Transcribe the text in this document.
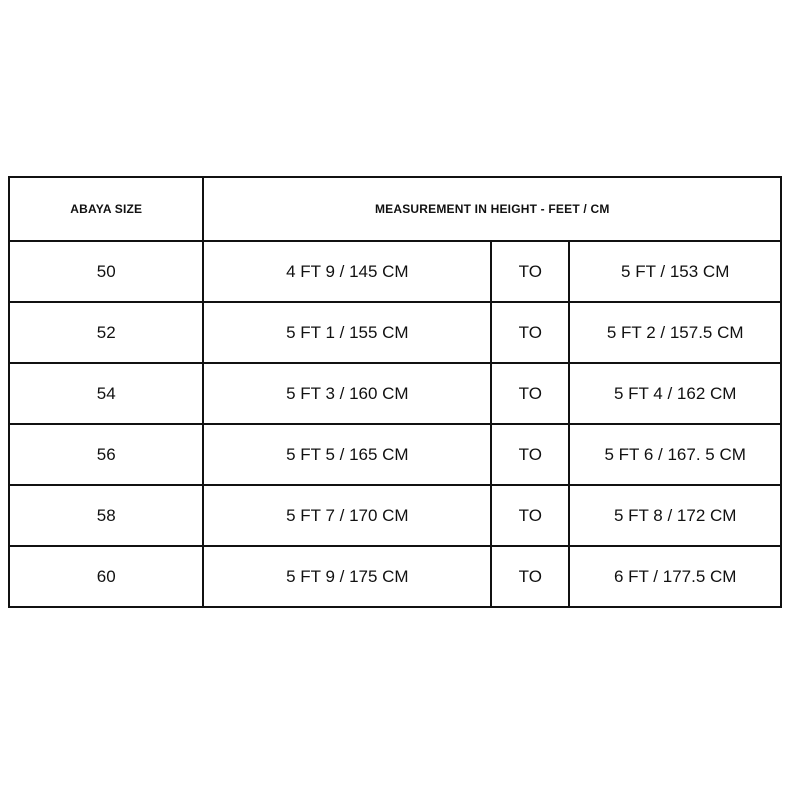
ABAYA SIZE	MEASUREMENT IN HEIGHT - FEET / CM		
50	4 FT 9 / 145 CM	TO	5 FT / 153 CM
52	5 FT 1 / 155 CM	TO	5 FT 2 / 157.5 CM
54	5 FT 3 / 160 CM	TO	5 FT 4 / 162 CM
56	5 FT 5 / 165 CM	TO	5 FT 6 / 167. 5 CM
58	5 FT 7 / 170 CM	TO	5 FT 8 / 172 CM
60	5 FT 9 / 175 CM	TO	6 FT / 177.5 CM
